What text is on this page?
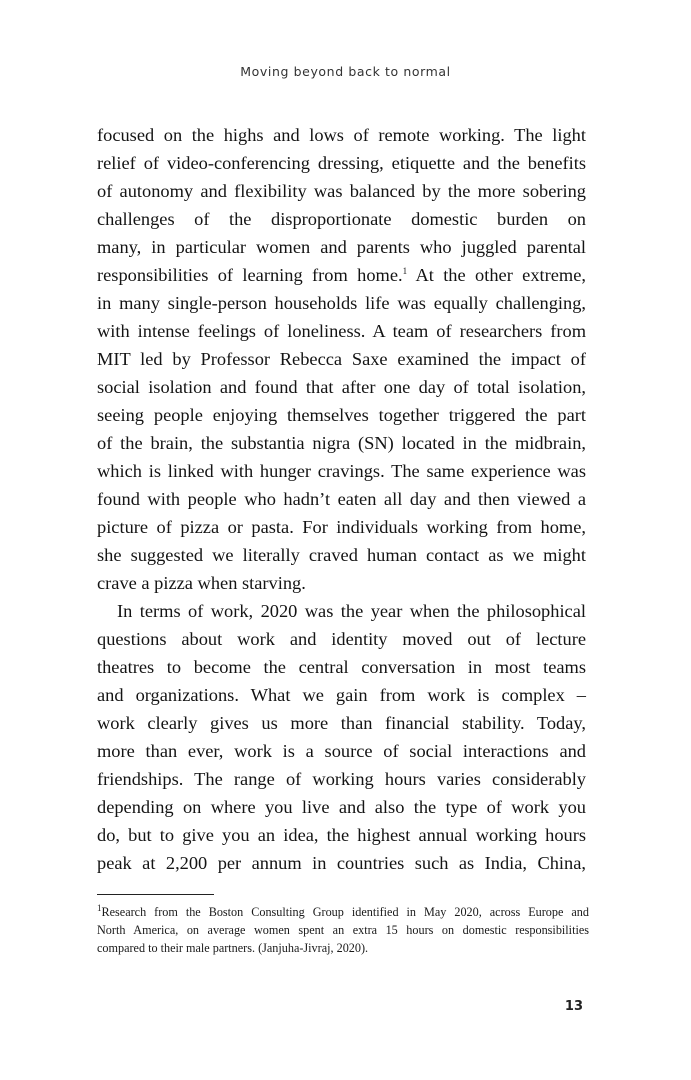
Moving beyond back to normal
focused on the highs and lows of remote working. The light
relief of video-conferencing dressing, etiquette and the benefits
of autonomy and flexibility was balanced by the more sobering
challenges of the disproportionate domestic burden on
many, in particular women and parents who juggled parental
responsibilities of learning from home.$^1$ At the other extreme,
in many single-person households life was equally challenging,
with intense feelings of loneliness. A team of researchers from
MIT led by Professor Rebecca Saxe examined the impact of
social isolation and found that after one day of total isolation,
seeing people enjoying themselves together triggered the part
of the brain, the substantia nigra (SN) located in the midbrain,
which is linked with hunger cravings. The same experience was
found with people who hadn’t eaten all day and then viewed a
picture of pizza or pasta. For individuals working from home,
she suggested we literally craved human contact as we might
crave a pizza when starving.
In terms of work, 2020 was the year when the philosophical
questions about work and identity moved out of lecture
theatres to become the central conversation in most teams
and organizations. What we gain from work is complex –
work clearly gives us more than financial stability. Today,
more than ever, work is a source of social interactions and
friendships. The range of working hours varies considerably
depending on where you live and also the type of work you
do, but to give you an idea, the highest annual working hours
peak at 2,200 per annum in countries such as India, China,
$^1$Research from the Boston Consulting Group identified in May 2020, across Europe and
North America, on average women spent an extra 15 hours on domestic responsibilities
compared to their male partners. (Janjuha-Jivraj, 2020).
13
